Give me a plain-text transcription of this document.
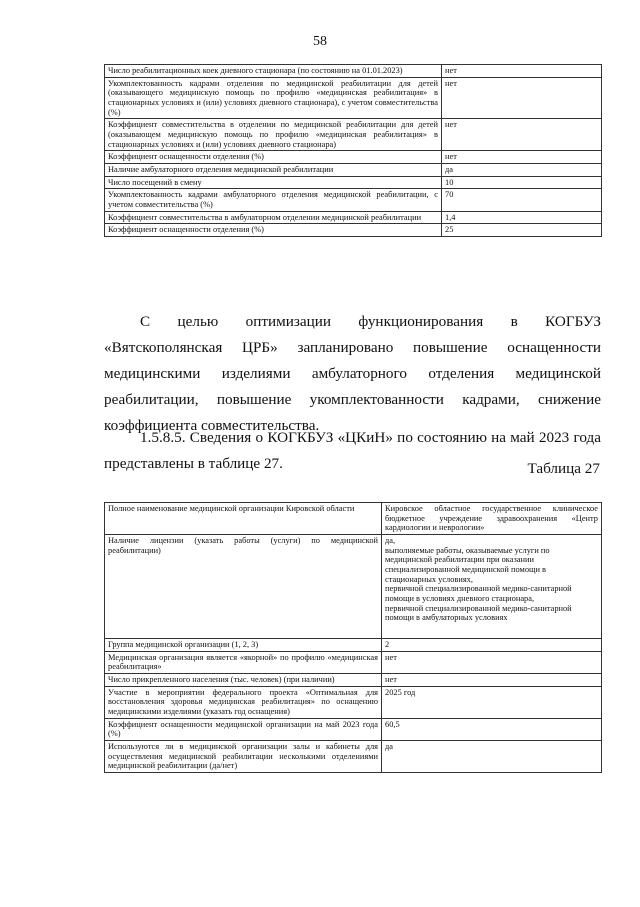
58
Число реабилитационных коек дневного стационара (по состоянию на 01.01.2023)	нет
Укомплектованность кадрами отделения по медицинской реабилитации для детей (оказывающего медицинскую помощь по профилю «медицинская реабилитация» в стационарных условиях и (или) условиях дневного стационара), с учетом совместительства (%)	нет
Коэффициент совместительства в отделении по медицинской реабилитации для детей (оказывающем медицинскую помощь по профилю «медицинская реабилитация» в стационарных условиях и (или) условиях дневного стационара)	нет
Коэффициент оснащенности отделения (%)	нет
Наличие амбулаторного отделения медицинской реабилитации	да
Число посещений в смену	10
Укомплектованность кадрами амбулаторного отделения медицинской реабилитации, с учетом совместительства (%)	70
Коэффициент совместительства в амбулаторном отделении медицинской реабилитации	1,4
Коэффициент оснащенности отделения (%)	25

С целью оптимизации функционирования в КОГБУЗ «Вятскополянская ЦРБ» запланировано повышение оснащенности медицинскими изделиями амбулаторного отделения медицинской реабилитации, повышение укомплектованности кадрами, снижение коэффициента совместительства.

1.5.8.5. Сведения о КОГКБУЗ «ЦКиН» по состоянию на май 2023 года представлены в таблице 27.	Таблица 27
Полное наименование медицинской организации Кировской области	Кировское областное государственное клиническое бюджетное учреждение здравоохранения «Центр кардиологии и неврологии»
Наличие лицензии (указать работы (услуги) по медицинской реабилитации)	да,
выполняемые работы, оказываемые услуги по медицинской реабилитации при оказании специализированной медицинской помощи в стационарных условиях,
первичной специализированной медико-санитарной помощи в условиях дневного стационара,
первичной специализированной медико-санитарной помощи в амбулаторных условиях
Группа медицинской организации (1, 2, 3)	2
Медицинская организация является «якорной» по профилю «медицинская реабилитация»	нет
Число прикрепленного населения (тыс. человек) (при наличии)	нет
Участие в мероприятии федерального проекта «Оптимальная для восстановления здоровья медицинская реабилитация» по оснащению медицинскими изделиями (указать год оснащения)	2025 год
Коэффициент оснащенности медицинской организации на май 2023 года (%)	60,5
Используются ли в медицинской организации залы и кабинеты для осуществления медицинской реабилитации несколькими отделениями медицинской реабилитации (да/нет)	да
